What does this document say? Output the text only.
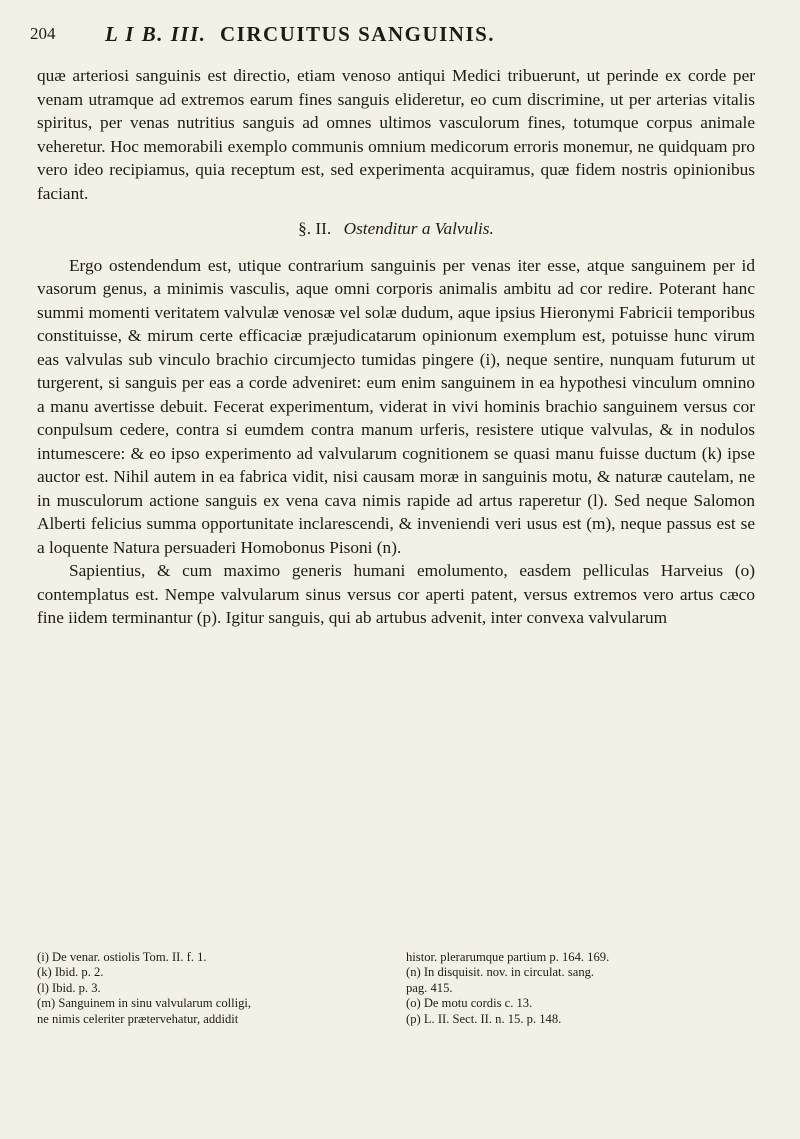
204 L I B. III. CIRCUITUS SANGUINIS.

quæ arteriosi sanguinis est directio, etiam venoso antiqui Medici tribuerunt, ut perinde ex corde per venam utramque ad extremos earum fines sanguis elideretur, eo cum discrimine, ut per arterias vitalis spiritus, per venas nutritius sanguis ad omnes ultimos vasculorum fines, totumque corpus animale veheretur. Hoc memorabili exemplo communis omnium medicorum erroris monemur, ne quidquam pro vero ideo recipiamus, quia receptum est, sed experimenta acquiramus, quæ fidem nostris opinionibus faciant.

§. II. Ostenditur a Valvulis.

Ergo ostendendum est, utique contrarium sanguinis per venas iter esse, atque sanguinem per id vasorum genus, a minimis vasculis, aque omni corporis animalis ambitu ad cor redire. Poterant hanc summi momenti veritatem valvulæ venosæ vel solæ dudum, aque ipsius Hieronymi Fabricii temporibus constituisse, & mirum certe efficaciæ præjudicatarum opinionum exemplum est, potuisse hunc virum eas valvulas sub vinculo brachio circumjecto tumidas pingere (i), neque sentire, nunquam futurum ut turgerent, si sanguis per eas a corde adveniret: eum enim sanguinem in ea hypothesi vinculum omnino a manu avertisse debuit. Fecerat experimentum, viderat in vivi hominis brachio sanguinem versus cor conpulsum cedere, contra si eumdem contra manum urferis, resistere utique valvulas, & in nodulos intumescere: & eo ipso experimento ad valvularum cognitionem se quasi manu fuisse ductum (k) ipse auctor est. Nihil autem in ea fabrica vidit, nisi causam moræ in sanguinis motu, & naturæ cautelam, ne in musculorum actione sanguis ex vena cava nimis rapide ad artus raperetur (l). Sed neque Salomon Alberti felicius summa opportunitate inclarescendi, & inveniendi veri usus est (m), neque passus est se a loquente Natura persuaderi Homobonus Pisoni (n).

Sapientius, & cum maximo generis humani emolumento, easdem pelliculas Harveius (o) contemplatus est. Nempe valvularum sinus versus cor aperti patent, versus extremos vero artus cæco fine iidem terminantur (p). Igitur sanguis, qui ab artubus advenit, inter convexa valvularum

(i) De venar. ostiolis Tom. II. f. 1.
(k) Ibid. p. 2.
(l) Ibid. p. 3.
(m) Sanguinem in sinu valvularum colligi,
ne nimis celeriter prætervehatur, addidit
histor. plerarumque partium p. 164. 169.
(n) In disquisit. nov. in circulat. sang.
pag. 415.
(o) De motu cordis c. 13.
(p) L. II. Sect. II. n. 15. p. 148.
